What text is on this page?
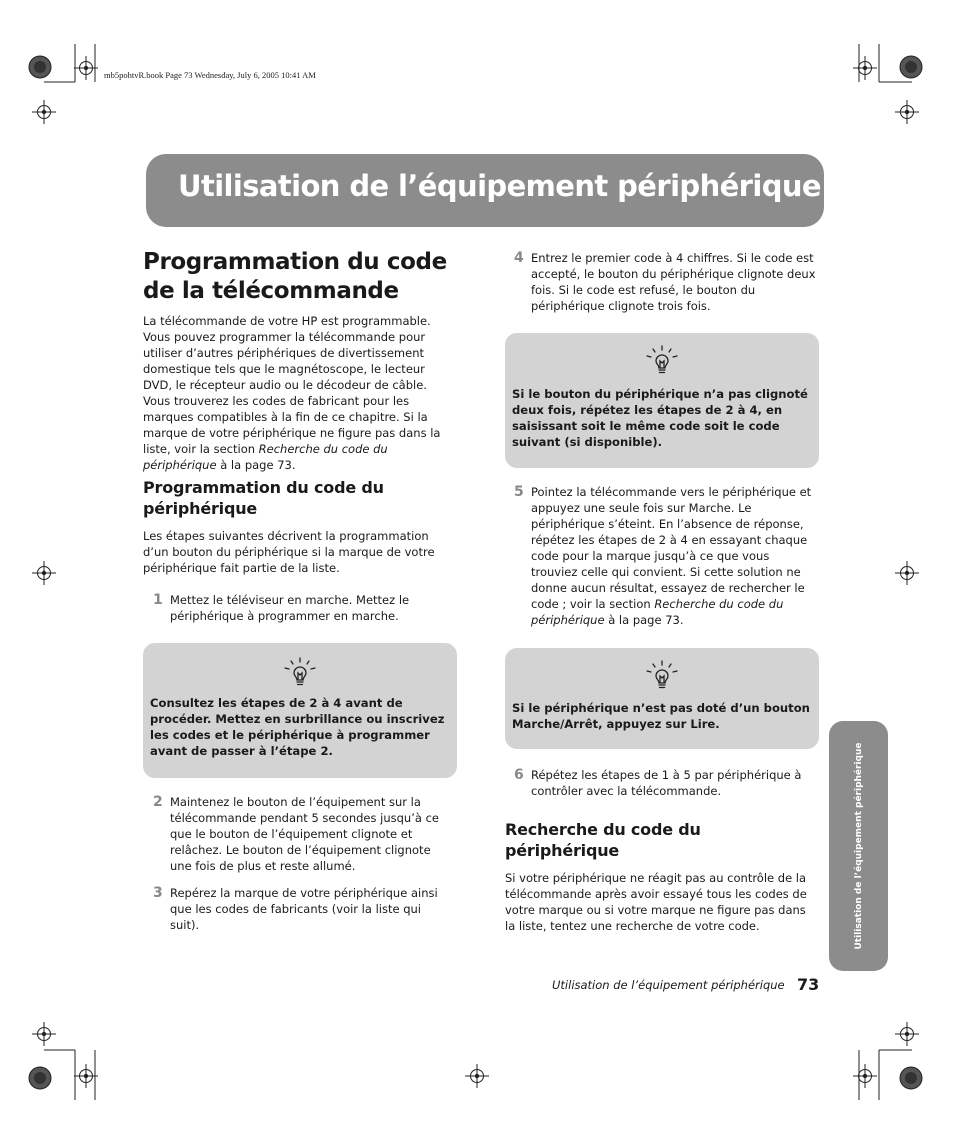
mb5pohtvR.book Page 73 Wednesday, July 6, 2005 10:41 AM
Utilisation de l’équipement périphérique
Programmation du code
de la télécommande

La télécommande de votre HP est programmable. Vous pouvez programmer la télécommande pour utiliser d’autres périphériques de divertissement domestique tels que le magnétoscope, le lecteur DVD, le récepteur audio ou le décodeur de câble. Vous trouverez les codes de fabricant pour les marques compatibles à la fin de ce chapitre. Si la marque de votre périphérique ne figure pas dans la liste, voir la section Recherche du code du périphérique à la page 73.

Programmation du code du
périphérique

Les étapes suivantes décrivent la programmation d’un bouton du périphérique si la marque de votre périphérique fait partie de la liste.

1 Mettez le téléviseur en marche. Mettez le périphérique à programmer en marche.
Consultez les étapes de 2 à 4 avant de procéder. Mettez en surbrillance ou inscrivez les codes et le périphérique à programmer avant de passer à l’étape 2.
2 Maintenez le bouton de l’équipement sur la télécommande pendant 5 secondes jusqu’à ce que le bouton de l’équipement clignote et relâchez. Le bouton de l’équipement clignote une fois de plus et reste allumé.
3 Repérez la marque de votre périphérique ainsi que les codes de fabricants (voir la liste qui suit).
4 Entrez le premier code à 4 chiffres. Si le code est accepté, le bouton du périphérique clignote deux fois. Si le code est refusé, le bouton du périphérique clignote trois fois.
Si le bouton du périphérique n’a pas clignoté deux fois, répétez les étapes de 2 à 4, en saisissant soit le même code soit le code suivant (si disponible).
5 Pointez la télécommande vers le périphérique et appuyez une seule fois sur Marche. Le périphérique s’éteint. En l’absence de réponse, répétez les étapes de 2 à 4 en essayant chaque code pour la marque jusqu’à ce que vous trouviez celle qui convient. Si cette solution ne donne aucun résultat, essayez de rechercher le code ; voir la section Recherche du code du périphérique à la page 73.
Si le périphérique n’est pas doté d’un bouton Marche/Arrêt, appuyez sur Lire.
6 Répétez les étapes de 1 à 5 par périphérique à contrôler avec la télécommande.
Recherche du code du
périphérique

Si votre périphérique ne réagit pas au contrôle de la télécommande après avoir essayé tous les codes de votre marque ou si votre marque ne figure pas dans la liste, tentez une recherche de votre code.	Utilisation de l’équipement périphérique
Utilisation de l’équipement périphérique 73
